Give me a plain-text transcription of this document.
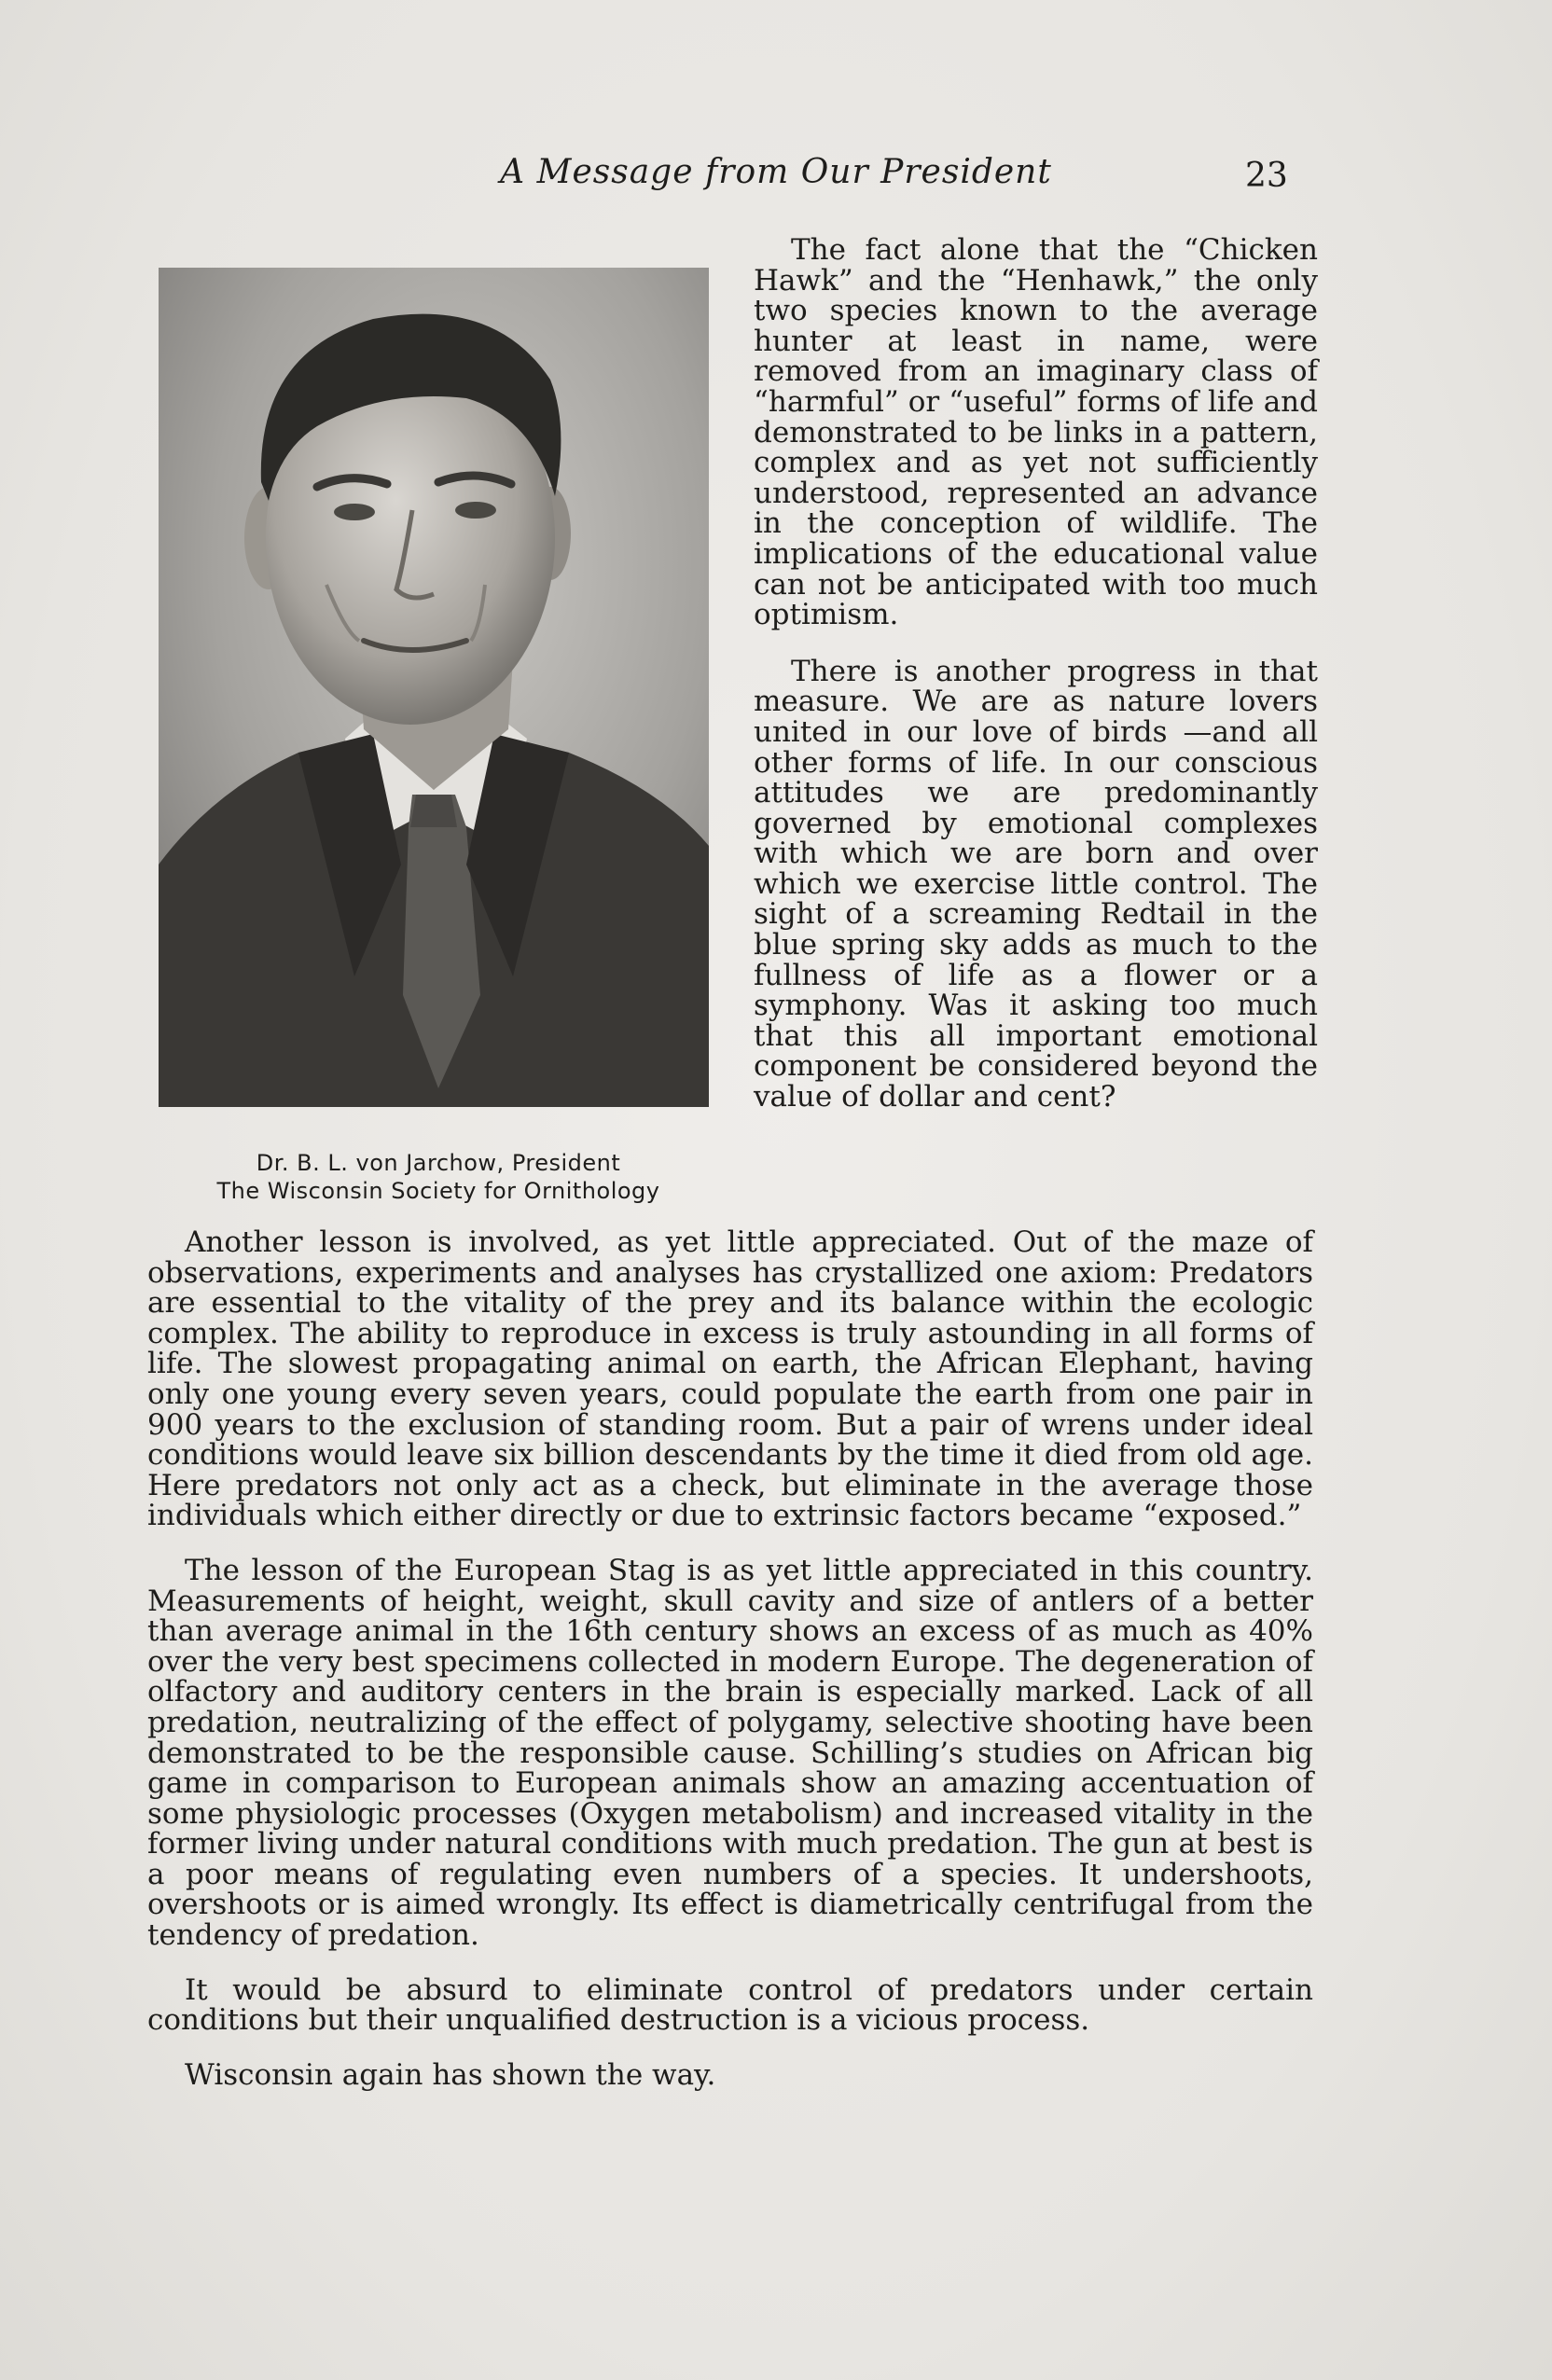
A Message from Our President	23
Dr. B. L. von Jarchow, President
The Wisconsin Society for Ornithology

The fact alone that the “Chicken Hawk” and the “Henhawk,” the only two species known to the average hunter at least in name, were removed from an imaginary class of “harmful” or “useful” forms of life and demonstrated to be links in a pattern, complex and as yet not sufficiently understood, represented an advance in the conception of wildlife. The implications of the educational value can not be anticipated with too much optimism.

There is another progress in that measure. We are as nature lovers united in our love of birds —and all other forms of life. In our conscious attitudes we are predominantly governed by emotional complexes with which we are born and over which we exercise little control. The sight of a screaming Redtail in the blue spring sky adds as much to the fullness of life as a flower or a symphony. Was it asking too much that this all important emotional component be considered beyond the value of dollar and cent?

Another lesson is involved, as yet little appreciated. Out of the maze of observations, experiments and analyses has crystallized one axiom: Predators are essential to the vitality of the prey and its balance within the ecologic complex. The ability to reproduce in excess is truly astounding in all forms of life. The slowest propagating animal on earth, the African Elephant, having only one young every seven years, could populate the earth from one pair in 900 years to the exclusion of standing room. But a pair of wrens under ideal conditions would leave six billion descendants by the time it died from old age. Here predators not only act as a check, but eliminate in the average those individuals which either directly or due to extrinsic factors became “exposed.”

The lesson of the European Stag is as yet little appreciated in this country. Measurements of height, weight, skull cavity and size of antlers of a better than average animal in the 16th century shows an excess of as much as 40% over the very best specimens collected in modern Europe. The degeneration of olfactory and auditory centers in the brain is especially marked. Lack of all predation, neutralizing of the effect of polygamy, selective shooting have been demonstrated to be the responsible cause. Schilling’s studies on African big game in comparison to European animals show an amazing accentuation of some physiologic processes (Oxygen metabolism) and increased vitality in the former living under natural conditions with much predation. The gun at best is a poor means of regulating even numbers of a species. It undershoots, overshoots or is aimed wrongly. Its effect is diametrically centrifugal from the tendency of predation.

It would be absurd to eliminate control of predators under certain conditions but their unqualified destruction is a vicious process.

Wisconsin again has shown the way.
